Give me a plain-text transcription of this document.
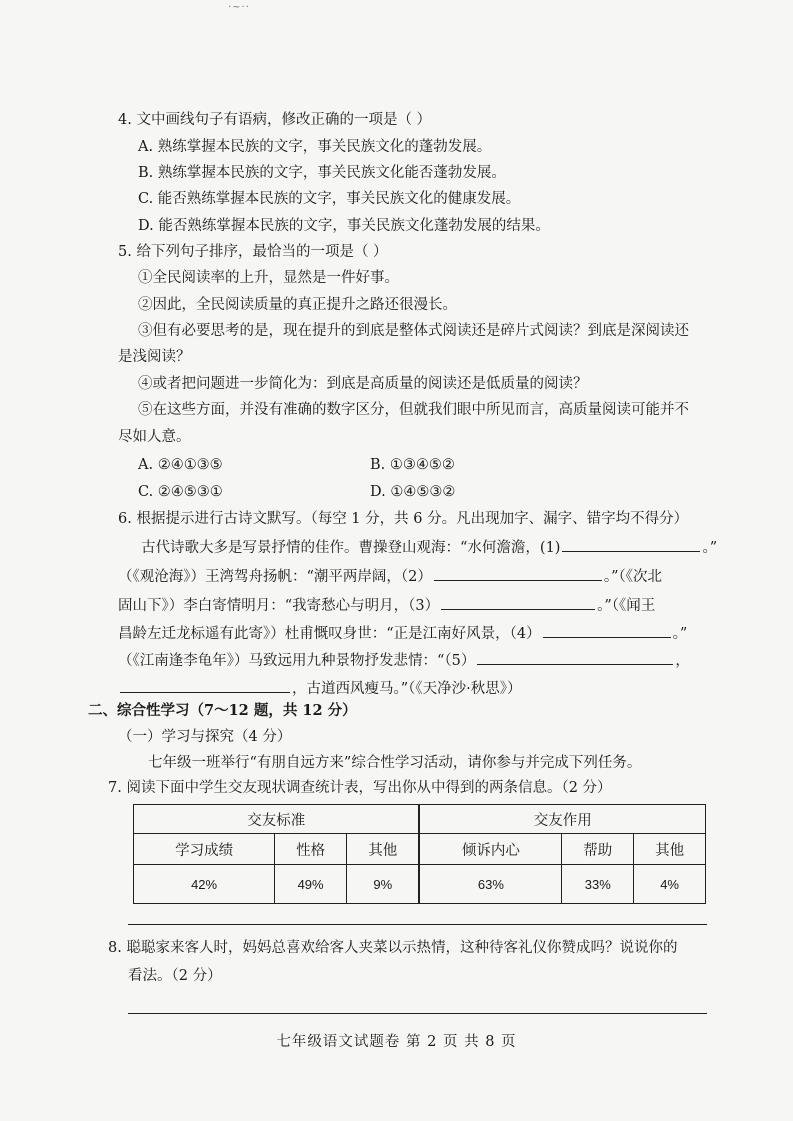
·~··
4. 文中画线句子有语病，修改正确的一项是（ ）
A. 熟练掌握本民族的文字，事关民族文化的蓬勃发展。
B. 熟练掌握本民族的文字，事关民族文化能否蓬勃发展。
C. 能否熟练掌握本民族的文字，事关民族文化的健康发展。
D. 能否熟练掌握本民族的文字，事关民族文化蓬勃发展的结果。
5. 给下列句子排序，最恰当的一项是（ ）
①全民阅读率的上升，显然是一件好事。
②因此，全民阅读质量的真正提升之路还很漫长。
③但有必要思考的是，现在提升的到底是整体式阅读还是碎片式阅读？到底是深阅读还
是浅阅读？
④或者把问题进一步简化为：到底是高质量的阅读还是低质量的阅读？
⑤在这些方面，并没有准确的数字区分，但就我们眼中所见而言，高质量阅读可能并不
尽如人意。
A. ②④①③⑤	B. ①③④⑤②
C. ②④⑤③①	D. ①④⑤③②
6. 根据提示进行古诗文默写。（每空 1 分，共 6 分。凡出现加字、漏字、错字均不得分）
古代诗歌大多是写景抒情的佳作。曹操登山观海：“水何澹澹，(1)	。”
（《观沧海》）王湾驾舟扬帆：“潮平两岸阔，（2）	。”（《次北
固山下》）李白寄情明月：“我寄愁心与明月，（3）	。”（《闻王
昌龄左迁龙标遥有此寄》）杜甫慨叹身世：“正是江南好风景，（4）	。”
（《江南逢李龟年》）马致远用九种景物抒发悲情：“（5）	，
，古道西风瘦马。”（《天净沙·秋思》）
二、综合性学习（7～12 题，共 12 分）
（一）学习与探究（4 分）
七年级一班举行“有朋自远方来”综合性学习活动，请你参与并完成下列任务。
7. 阅读下面中学生交友现状调查统计表，写出你从中得到的两条信息。（2 分）
交友标准			交友作用		
学习成绩	性格	其他	倾诉内心	帮助	其他
42%	49%	9%	63%	33%	4%
8. 聪聪家来客人时，妈妈总喜欢给客人夹菜以示热情，这种待客礼仪你赞成吗？说说你的
看法。（2 分）
七年级语文试题卷 第 2 页 共 8 页
